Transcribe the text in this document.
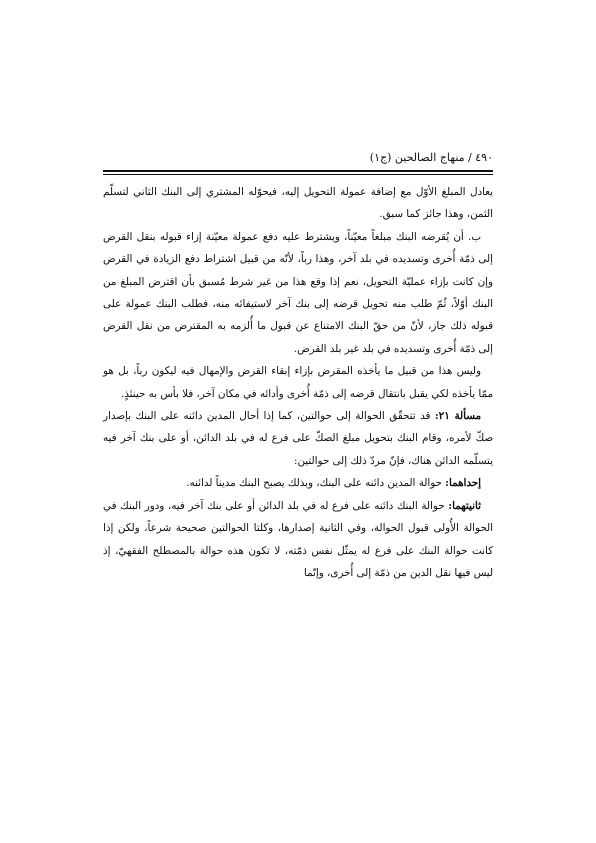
٤٩٠ / منهاج الصالحين (ج١)

يعادل المبلغ الأوّل مع إضافة عمولة التحويل إليه، فيحوّله المشتري إلى البنك الثاني لتسلّم الثمن، وهذا جائز كما سبق.

ب. أن يُقرضه البنك مبلغاً معيّناً، ويشترط عليه دفع عمولة معيّنة إزاء قبوله بنقل القرض إلى ذمّة أُخرى وتسديده في بلد آخر، وهذا رباً، لأنّه من قبيل اشتراط دفع الزيادة في القرض وإن كانت بإزاء عمليّة التحويل، نعم إذا وقع هذا من غير شرط مُسبق بأن اقترض المبلغ من البنك أوّلاً، ثُمّ طلب منه تحويل قرضه إلى بنك آخر لاستيفائه منه، فطلب البنك عمولة على قبوله ذلك جاز، لأنّ من حقّ البنك الامتناع عن قبول ما أُلزمه به المقترض من نقل القرض إلى ذمّة أُخرى وتسديده في بلد غير بلد القرض.

وليس هذا من قبيل ما يأخذه المقرض بإزاء إبقاء القرض والإمهال فيه ليكون رباً، بل هو ممّا يأخذه لكي يقبل بانتقال قرضه إلى ذمّة أُخرى وأدائه في مكان آخر، فلا بأس به حينئذٍ.

مسألة ٢١: قد تتحقّق الحوالة إلى حوالتين، كما إذا أحال المدين دائنه على البنك بإصدار صكّ لأمره، وقام البنك بتحويل مبلغ الصكّ على فرع له في بلد الدائن، أو على بنك آخر فيه يتسلّمه الدائن هناك، فإنّ مردّ ذلك إلى حوالتين:

إحداهما: حوالة المدين دائنه على البنك، وبذلك يصبح البنك مديناً لدائنه.

ثانيتهما: حوالة البنك دائنه على فرع له في بلد الدائن أو على بنك آخر فيه، ودور البنك في الحوالة الأُولى قبول الحوالة، وفي الثانية إصدارها، وكلتا الحوالتين صحيحة شرعاً، ولكن إذا كانت حوالة البنك على فرع له يمثّل نفس ذمّته، لا تكون هذه حوالة بالمصطلح الفقهيّ، إذ ليس فيها نقل الدين من ذمّة إلى أُخرى، وإنّما
